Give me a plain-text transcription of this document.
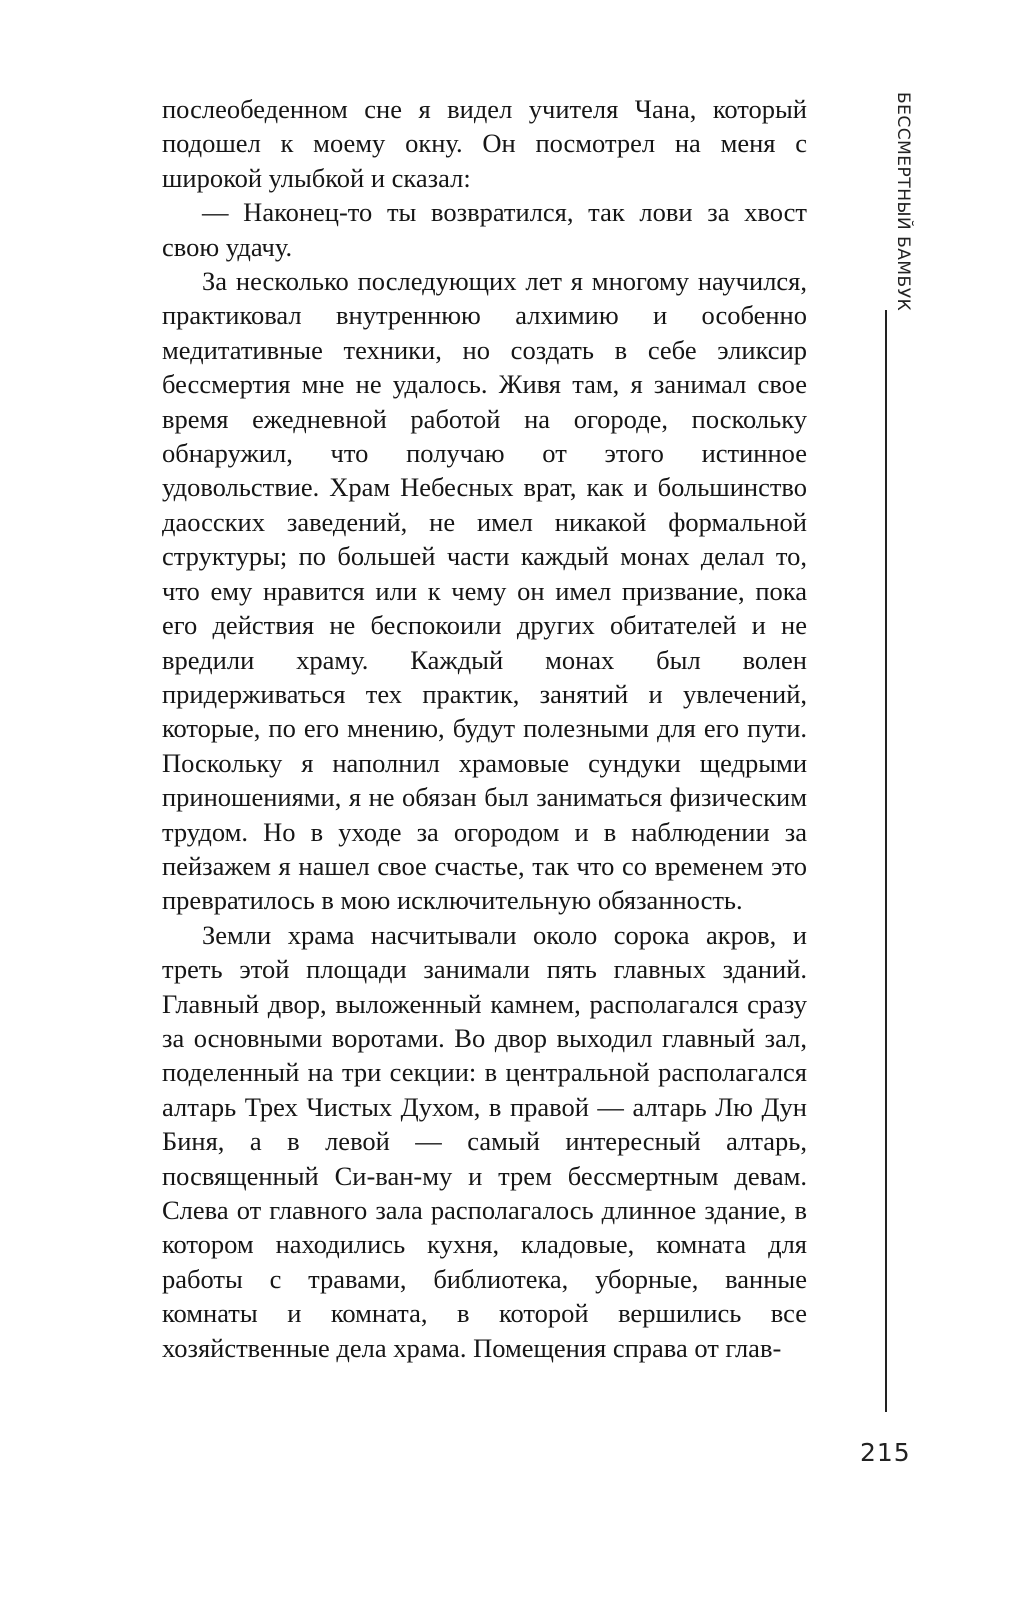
послеобеденном сне я видел учителя Чана, который подошел к моему окну. Он посмотрел на меня с широкой улыбкой и сказал:

— Наконец-то ты возвратился, так лови за хвост свою удачу.

За несколько последующих лет я многому научился, практиковал внутреннюю алхимию и особенно медитативные техники, но создать в себе эликсир бессмертия мне не удалось. Живя там, я занимал свое время ежедневной работой на огороде, поскольку обнаружил, что получаю от этого истинное удовольствие. Храм Небесных врат, как и большинство даосских заведений, не имел никакой формальной структуры; по большей части каждый монах делал то, что ему нравится или к чему он имел призвание, пока его действия не беспокоили других обитателей и не вредили храму. Каждый монах был волен придерживаться тех практик, занятий и увлечений, которые, по его мнению, будут полезными для его пути. Поскольку я наполнил храмовые сундуки щедрыми приношениями, я не обязан был заниматься физическим трудом. Но в уходе за огородом и в наблюдении за пейзажем я нашел свое счастье, так что со временем это превратилось в мою исключительную обязанность.

Земли храма насчитывали около сорока акров, и треть этой площади занимали пять главных зданий. Главный двор, выложенный камнем, располагался сразу за основными воротами. Во двор выходил главный зал, поделенный на три секции: в центральной располагался алтарь Трех Чистых Духом, в правой — алтарь Лю Дун Биня, а в левой — самый интересный алтарь, посвященный Си-ван-му и трем бессмертным девам. Слева от главного зала располагалось длинное здание, в котором находились кухня, кладовые, комната для работы с травами, библиотека, уборные, ванные комнаты и комната, в которой вершились все хозяйственные дела храма. Помещения справа от глав-

БЕССМЕРТНЫЙ БАМБУК
215
